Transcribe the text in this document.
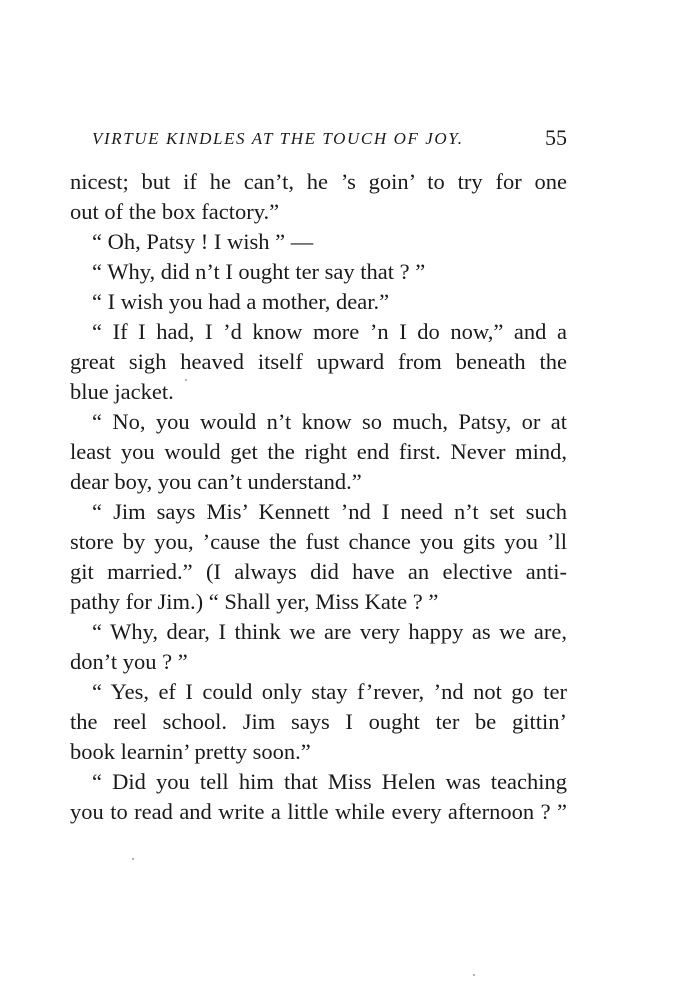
VIRTUE KINDLES AT THE TOUCH OF JOY.	55
nicest; but if he can’t, he ’s goin’ to try for one
out of the box factory.”
“ Oh, Patsy ! I wish ” —
“ Why, did n’t I ought ter say that ? ”
“ I wish you had a mother, dear.”
“ If I had, I ’d know more ’n I do now,” and a
great sigh heaved itself upward from beneath the
blue jacket.
“ No, you would n’t know so much, Patsy, or at
least you would get the right end first. Never mind,
dear boy, you can’t understand.”
“ Jim says Mis’ Kennett ’nd I need n’t set such
store by you, ’cause the fust chance you gits you ’ll
git married.” (I always did have an elective anti-
pathy for Jim.) “ Shall yer, Miss Kate ? ”
“ Why, dear, I think we are very happy as we are,
don’t you ? ”
“ Yes, ef I could only stay f’rever, ’nd not go ter
the reel school. Jim says I ought ter be gittin’
book learnin’ pretty soon.”
“ Did you tell him that Miss Helen was teaching
you to read and write a little while every afternoon ? ”
